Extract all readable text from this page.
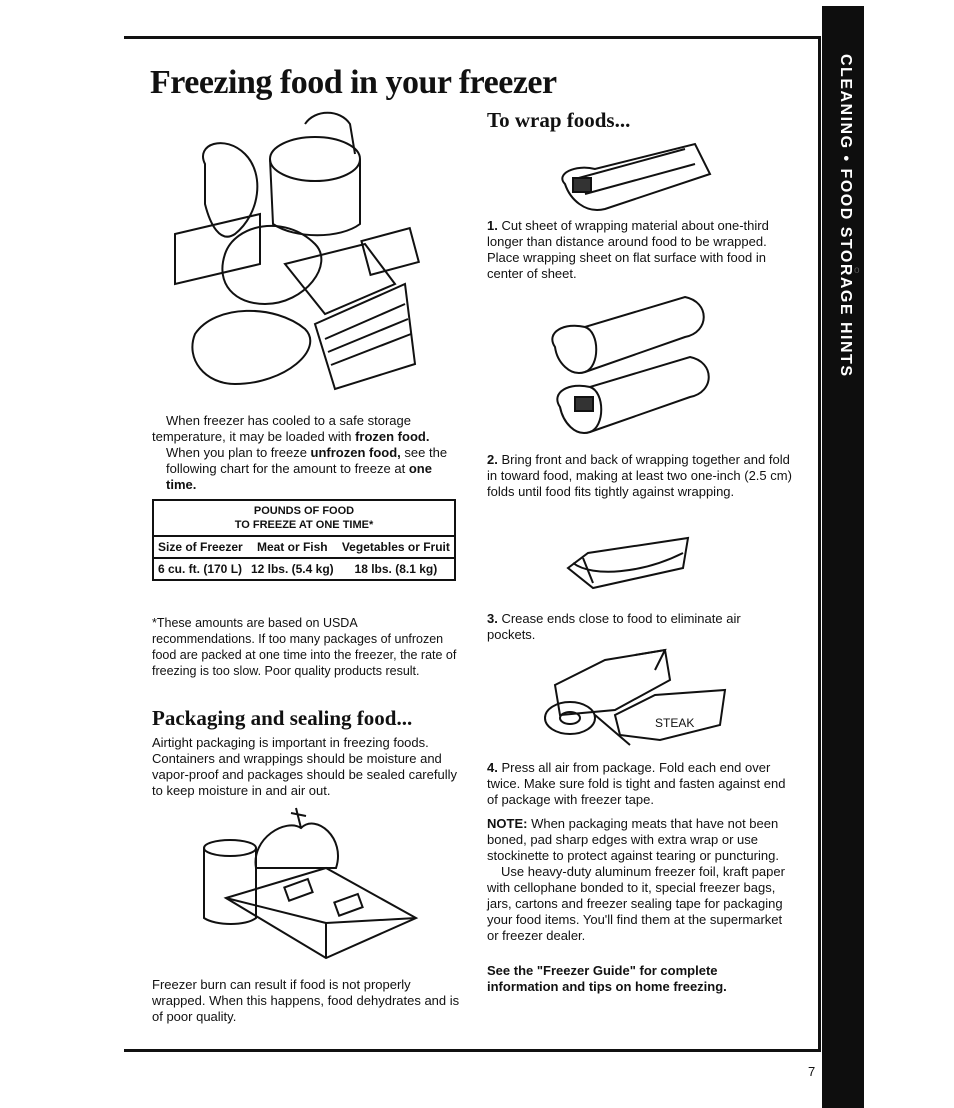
CLEANING • FOOD STORAGE HINTS o
Freezing food in your freezer

When freezer has cooled to a safe storage temperature, it may be loaded with frozen food.
When you plan to freeze unfrozen food, see the following chart for the amount to freeze at one time.

POUNDS OF FOOD
TO FREEZE AT ONE TIME*		

Size of Freezer	Meat or Fish	Vegetables or Fruit
6 cu. ft. (170 L)	12 lbs. (5.4 kg)	18 lbs. (8.1 kg)

*These amounts are based on USDA recommendations. If too many packages of unfrozen food are packed at one time into the freezer, the rate of freezing is too slow. Poor quality products result.

Packaging and sealing food...

Airtight packaging is important in freezing foods. Containers and wrappings should be moisture and vapor-proof and packages should be sealed carefully to keep moisture in and air out.

Freezer burn can result if food is not properly wrapped. When this happens, food dehydrates and is of poor quality.

To wrap foods...

1. Cut sheet of wrapping material about one-third longer than distance around food to be wrapped. Place wrapping sheet on flat surface with food in center of sheet.

2. Bring front and back of wrapping together and fold in toward food, making at least two one-inch (2.5 cm) folds until food fits tightly against wrapping.

3. Crease ends close to food to eliminate air pockets.

STEAK

4. Press all air from package. Fold each end over twice. Make sure fold is tight and fasten against end of package with freezer tape.

NOTE: When packaging meats that have not been boned, pad sharp edges with extra wrap or use stockinette to protect against tearing or puncturing.
Use heavy-duty aluminum freezer foil, kraft paper with cellophane bonded to it, special freezer bags, jars, cartons and freezer sealing tape for packaging your food items. You'll find them at the supermarket or freezer dealer.

See the "Freezer Guide" for complete information and tips on home freezing.

7
